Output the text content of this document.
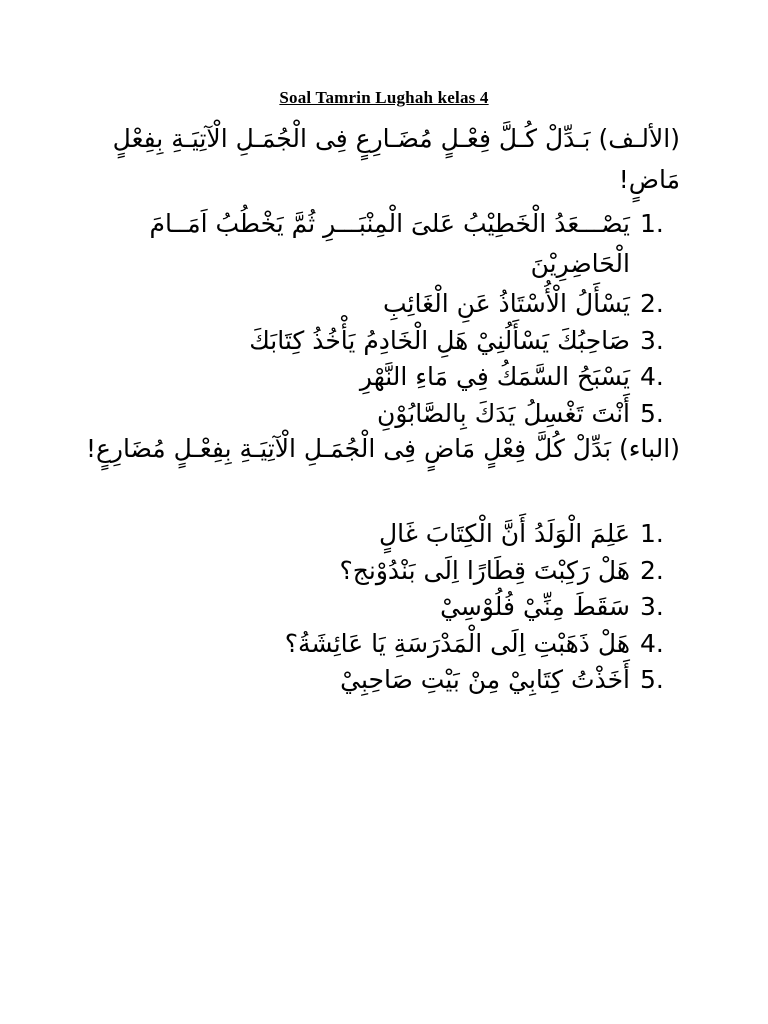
Soal Tamrin Lughah kelas 4
(الألـف) بَـدِّلْ كُـلَّ فِعْـلٍ مُضَـارِعٍ فِى الْجُمَـلِ الْآتِيَـةِ بِفِعْلٍ مَاضٍ!
1.
يَصْـــعَدُ الْخَطِيْبُ عَلىَ الْمِنْبَـــرِ ثُمَّ يَخْطُبُ اَمَــامَ الْحَاضِرِيْنَ
2.
يَسْأَلُ الْأُسْتَاذُ عَنِ الْغَائِبِ
3.
صَاحِبُكَ يَسْأَلُنِيْ هَلِ الْخَادِمُ يَأْخُذُ كِتَابَكَ
4.
يَسْبَحُ السَّمَكُ فِي مَاءِ النَّهْرِ
5.
أَنْتَ تَغْسِلُ يَدَكَ بِالصَّابُوْنِ
(الباء) بَدِّلْ كُلَّ فِعْلٍ مَاضٍ فِى الْجُمَـلِ الْآتِيَـةِ بِفِعْـلٍ مُضَارِعٍ!
1.
عَلِمَ الْوَلَدُ أَنَّ الْكِتَابَ غَالٍ
2.
هَلْ رَكِبْتَ قِطَارًا اِلَى بَنْدُوْنج؟
3.
سَقَطَ مِنِّيْ فُلُوْسِيْ
4.
هَلْ ذَهَبْتِ اِلَى الْمَدْرَسَةِ يَا عَائِشَةُ؟
5.
أَخَذْتُ كِتَابِيْ مِنْ بَيْتِ صَاحِبِيْ
